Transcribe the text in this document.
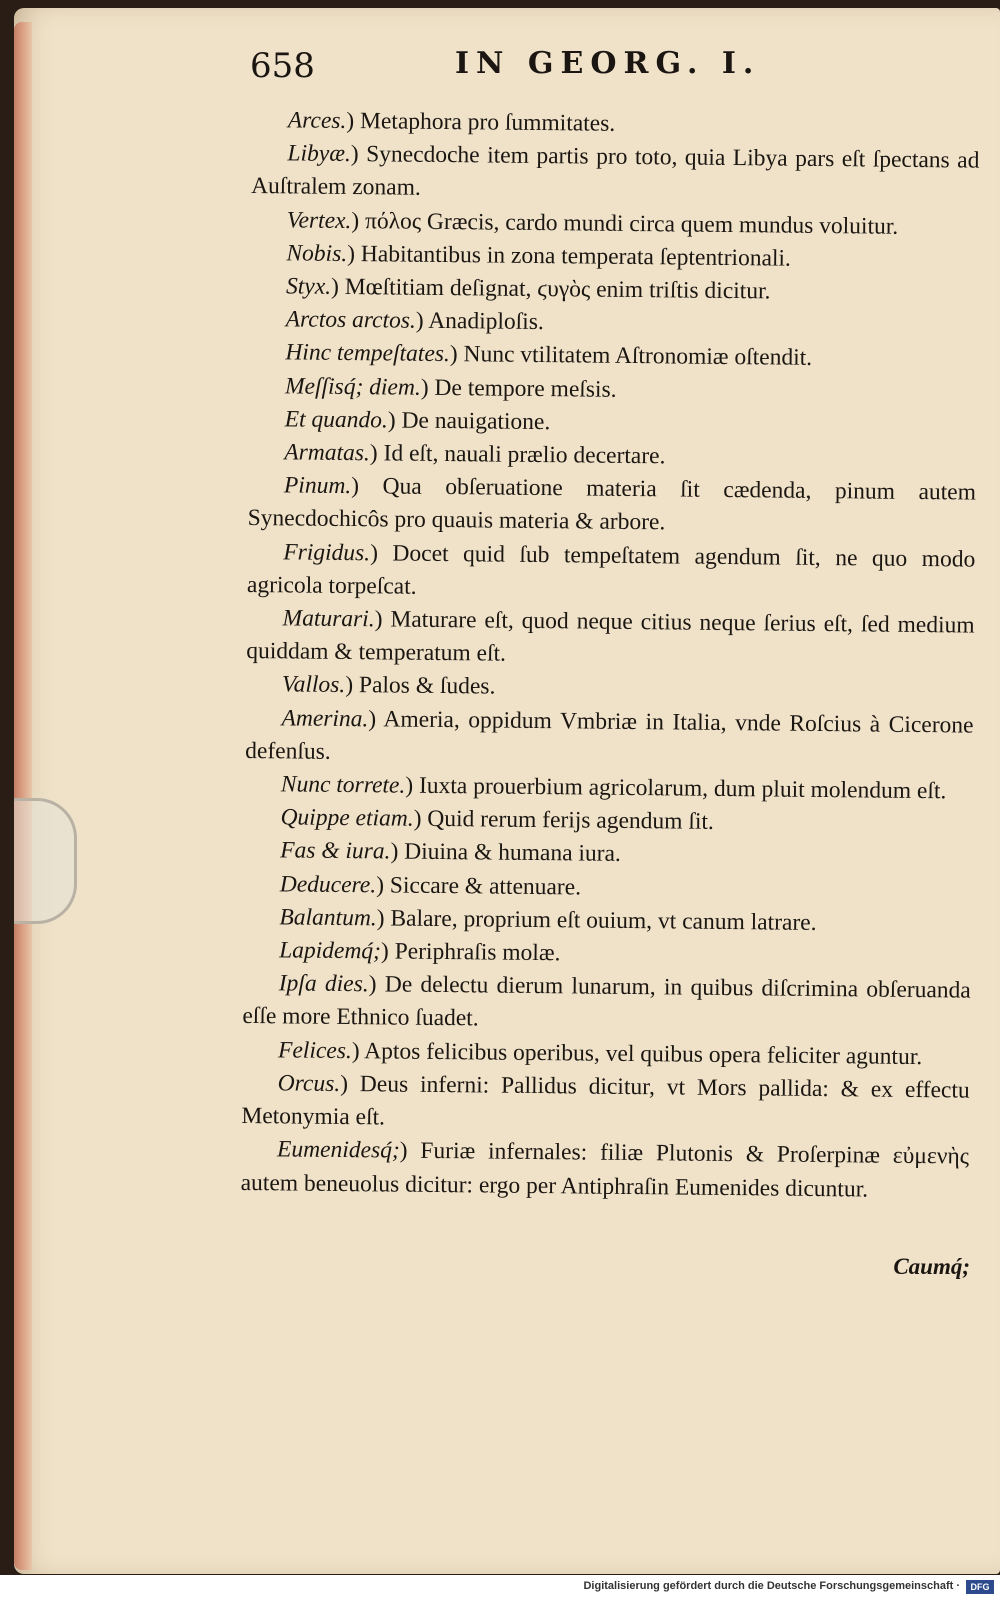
658	IN GEORG. I.

Arces.) Metaphora pro ſummitates.

Libyæ.) Synecdoche item partis pro toto, quia Libya pars eſt ſpectans ad Auſtralem zonam.

Vertex.) πόλος Græcis, cardo mundi circa quem mundus voluitur.

Nobis.) Habitantibus in zona temperata ſeptentrionali.

Styx.) Mœſtitiam deſignat, ϛυγὸς enim triſtis dicitur.

Arctos arctos.) Anadiploſis.

Hinc tempeſtates.) Nunc vtilitatem Aſtronomiæ oſtendit.

Meſſisq́; diem.) De tempore meſsis.

Et quando.) De nauigatione.

Armatas.) Id eſt, nauali prælio decertare.

Pinum.) Qua obſeruatione materia ſit cædenda, pinum autem Synecdochicôs pro quauis materia & arbore.

Frigidus.) Docet quid ſub tempeſtatem agendum ſit, ne quo modo agricola torpeſcat.

Maturari.) Maturare eſt, quod neque citius neque ſerius eſt, ſed medium quiddam & temperatum eſt.

Vallos.) Palos & ſudes.

Amerina.) Ameria, oppidum Vmbriæ in Italia, vnde Roſcius à Cicerone defenſus.

Nunc torrete.) Iuxta prouerbium agricolarum, dum pluit molendum eſt.

Quippe etiam.) Quid rerum ferijs agendum ſit.

Fas & iura.) Diuina & humana iura.

Deducere.) Siccare & attenuare.

Balantum.) Balare, proprium eſt ouium, vt canum latrare.

Lapidemq́;) Periphraſis molæ.

Ipſa dies.) De delectu dierum lunarum, in quibus diſcrimina obſeruanda eſſe more Ethnico ſuadet.

Felices.) Aptos felicibus operibus, vel quibus opera feliciter aguntur.

Orcus.) Deus inferni: Pallidus dicitur, vt Mors pallida: & ex effectu Metonymia eſt.

Eumenidesq́;) Furiæ infernales: filiæ Plutonis & Proſerpinæ εὐμενὴς autem beneuolus dicitur: ergo per Antiphraſin Eumenides dicuntur.

Caumq́;
Digitalisierung gefördert durch die Deutsche Forschungsgemeinschaft ·	DFG
